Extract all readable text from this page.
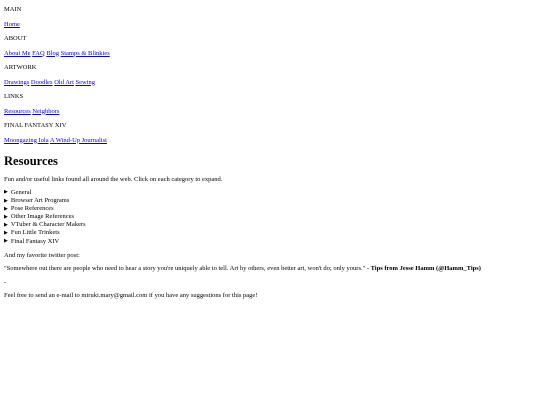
MAIN

Home

ABOUT

About Me FAQ Blog Stamps & Blinkies

ARTWORK

Drawings Doodles Old Art Sewing

LINKS

Resources Neighbors

FINAL FANTASY XIV

Moongazing Iola A Wind-Up Journalist

Resources

Fun and/or useful links found all around the web. Click on each category to expand.

▶ General
▶ Browser Art Programs
▶ Pose References
▶ Other Image References
▶ VTuber & Character Makers
▶ Fun Little Trinkets
▶ Final Fantasy XIV

And my favorite twitter post:

"Somewhere out there are people who need to hear a story you're uniquely able to tell. Art by others, even better art, won't do; only yours." - Tips from Jesse Hamm (@Hamm_Tips)

-

Feel free to send an e-mail to miruki.mary@gmail.com if you have any suggestions for this page!
